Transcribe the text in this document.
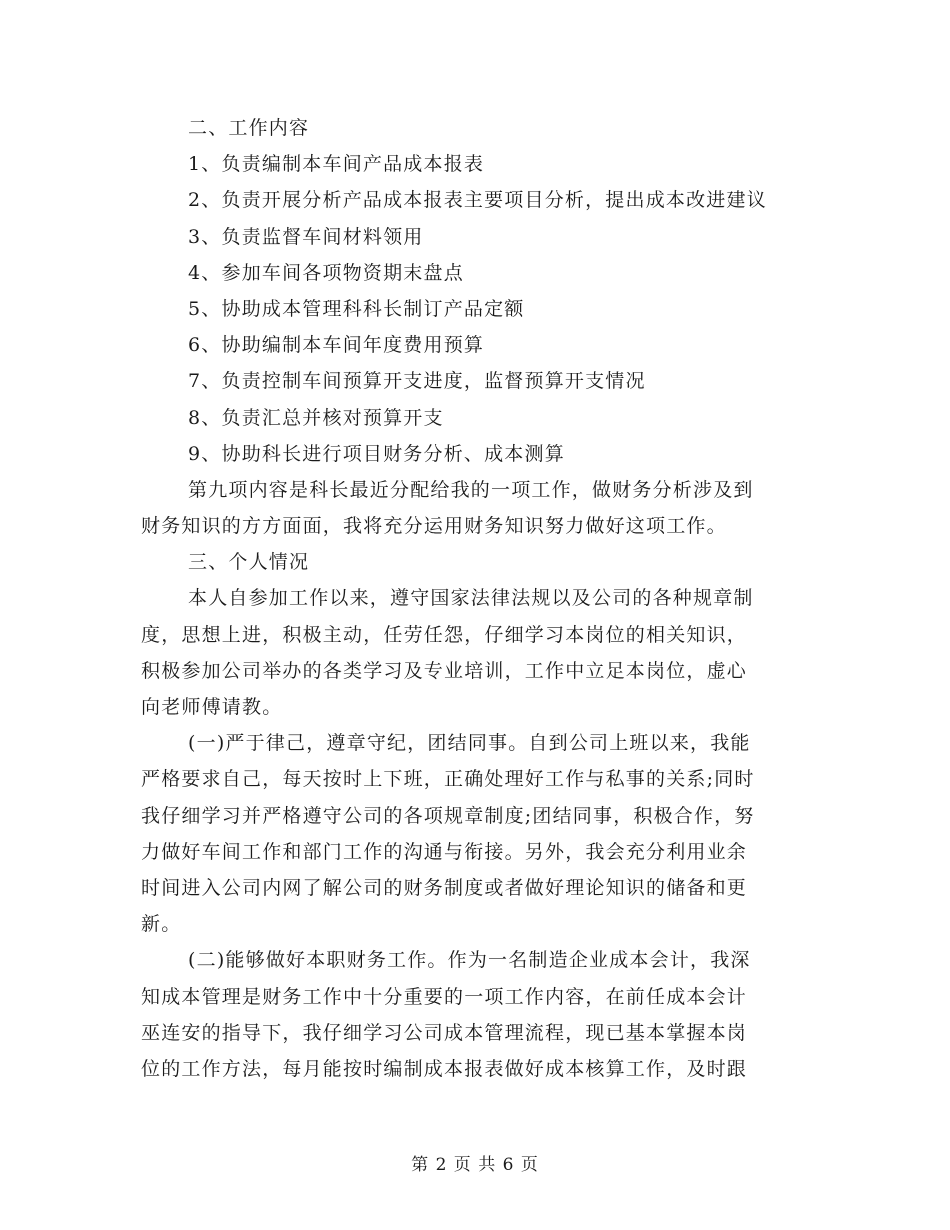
二、工作内容
1、负责编制本车间产品成本报表
2、负责开展分析产品成本报表主要项目分析，提出成本改进建议
3、负责监督车间材料领用
4、参加车间各项物资期末盘点
5、协助成本管理科科长制订产品定额
6、协助编制本车间年度费用预算
7、负责控制车间预算开支进度，监督预算开支情况
8、负责汇总并核对预算开支
9、协助科长进行项目财务分析、成本测算
第九项内容是科长最近分配给我的一项工作，做财务分析涉及到
财务知识的方方面面，我将充分运用财务知识努力做好这项工作。
三、个人情况
本人自参加工作以来，遵守国家法律法规以及公司的各种规章制
度，思想上进，积极主动，任劳任怨，仔细学习本岗位的相关知识，
积极参加公司举办的各类学习及专业培训，工作中立足本岗位，虚心
向老师傅请教。
(一)严于律己，遵章守纪，团结同事。自到公司上班以来，我能
严格要求自己，每天按时上下班，正确处理好工作与私事的关系;同时
我仔细学习并严格遵守公司的各项规章制度;团结同事，积极合作，努
力做好车间工作和部门工作的沟通与衔接。另外，我会充分利用业余
时间进入公司内网了解公司的财务制度或者做好理论知识的储备和更
新。
(二)能够做好本职财务工作。作为一名制造企业成本会计，我深
知成本管理是财务工作中十分重要的一项工作内容，在前任成本会计
巫连安的指导下，我仔细学习公司成本管理流程，现已基本掌握本岗
位的工作方法，每月能按时编制成本报表做好成本核算工作，及时跟
第 2 页 共 6 页
